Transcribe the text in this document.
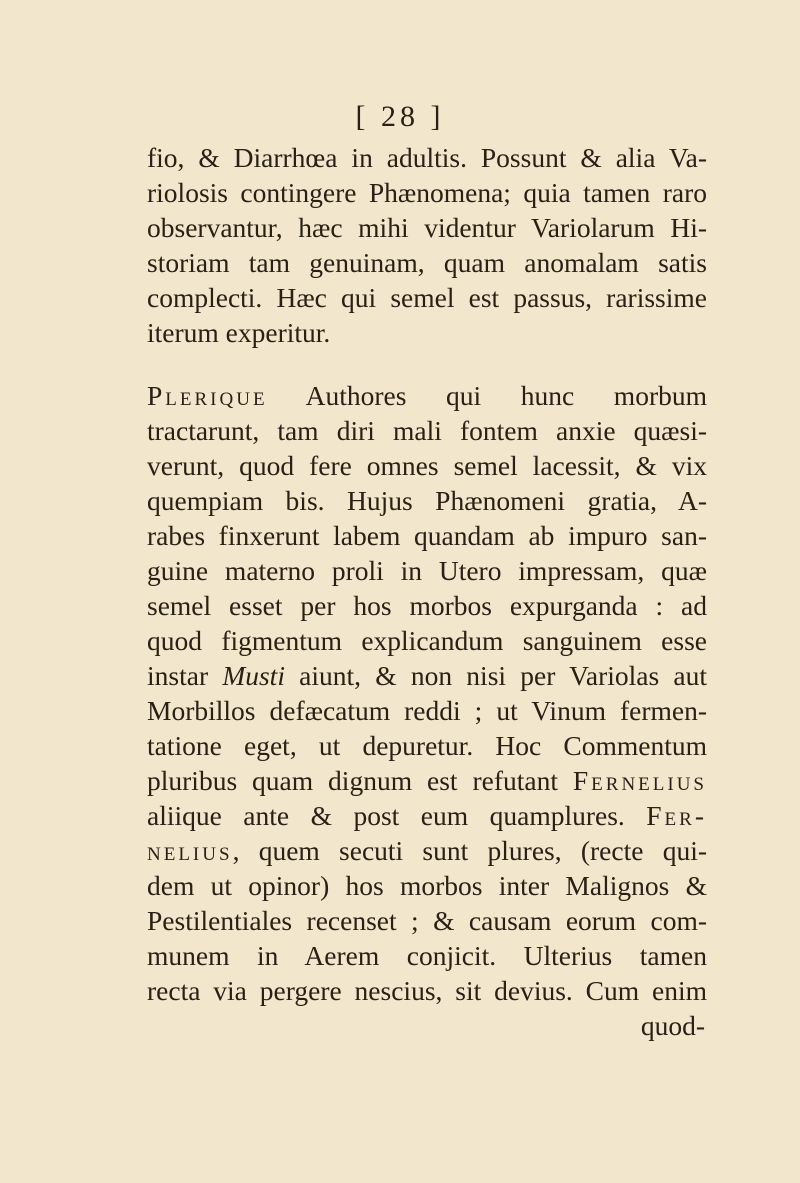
[ 28 ]
fio, & Diarrhœa in adultis. Possunt & alia Va-
riolosis contingere Phænomena; quia tamen raro
observantur, hæc mihi videntur Variolarum Hi-
storiam tam genuinam, quam anomalam satis
complecti. Hæc qui semel est passus, rarissime
iterum experitur.
Plerique Authores qui hunc morbum
tractarunt, tam diri mali fontem anxie quæsi-
verunt, quod fere omnes semel lacessit, & vix
quempiam bis. Hujus Phænomeni gratia, A-
rabes finxerunt labem quandam ab impuro san-
guine materno proli in Utero impressam, quæ
semel esset per hos morbos expurganda : ad
quod figmentum explicandum sanguinem esse
instar Musti aiunt, & non nisi per Variolas aut
Morbillos defæcatum reddi ; ut Vinum fermen-
tatione eget, ut depuretur. Hoc Commentum
pluribus quam dignum est refutant Fernelius
aliique ante & post eum quamplures. Fer-
nelius, quem secuti sunt plures, (recte qui-
dem ut opinor) hos morbos inter Malignos &
Pestilentiales recenset ; & causam eorum com-
munem in Aerem conjicit. Ulterius tamen
recta via pergere nescius, sit devius. Cum enim
quod-
